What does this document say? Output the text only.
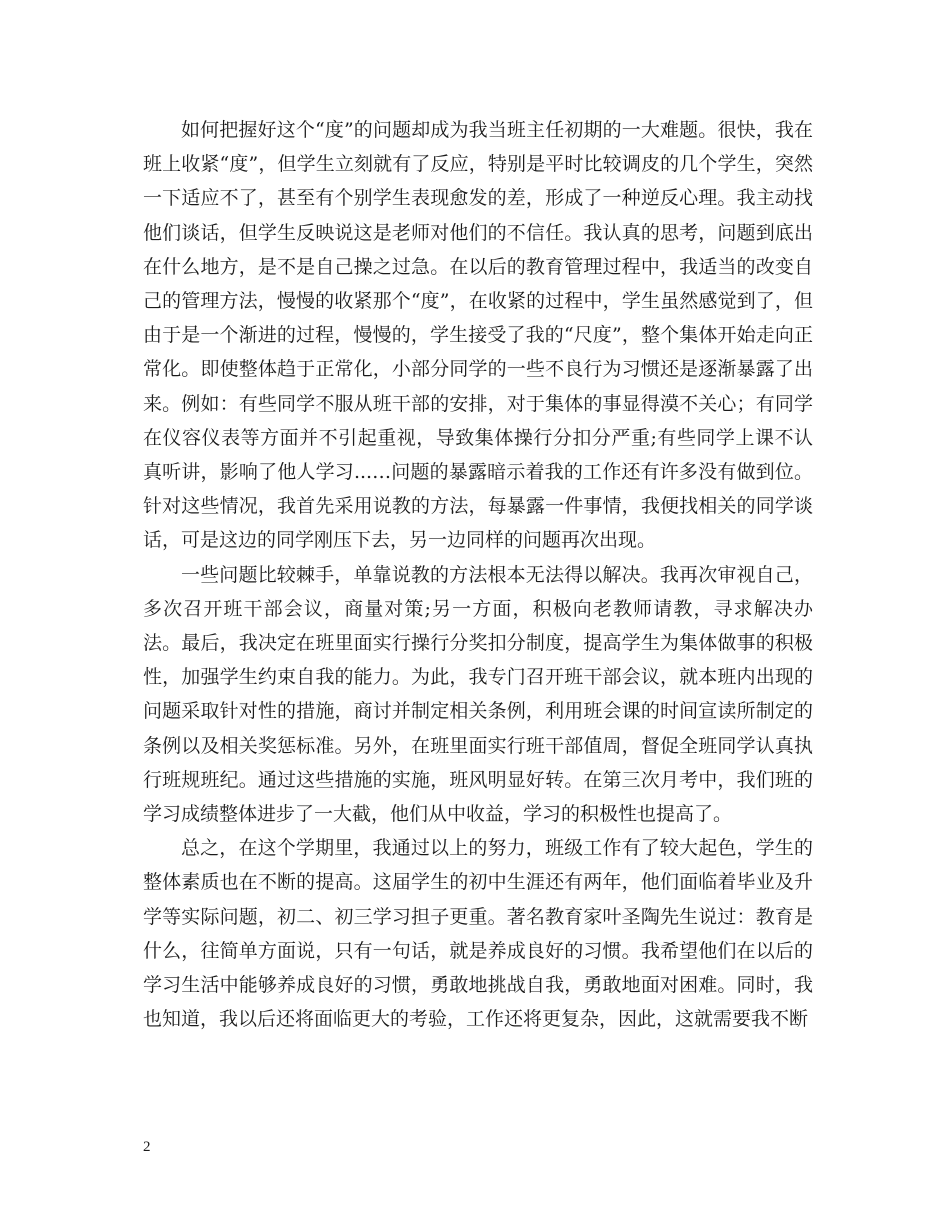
如何把握好这个“度”的问题却成为我当班主任初期的一大难题。很快，我在班上收紧“度”，但学生立刻就有了反应，特别是平时比较调皮的几个学生，突然一下适应不了，甚至有个别学生表现愈发的差，形成了一种逆反心理。我主动找他们谈话，但学生反映说这是老师对他们的不信任。我认真的思考，问题到底出在什么地方，是不是自己操之过急。在以后的教育管理过程中，我适当的改变自己的管理方法，慢慢的收紧那个“度”，在收紧的过程中，学生虽然感觉到了，但由于是一个渐进的过程，慢慢的，学生接受了我的“尺度”，整个集体开始走向正常化。即使整体趋于正常化，小部分同学的一些不良行为习惯还是逐渐暴露了出来。例如：有些同学不服从班干部的安排，对于集体的事显得漠不关心；有同学在仪容仪表等方面并不引起重视，导致集体操行分扣分严重;有些同学上课不认真听讲，影响了他人学习...…问题的暴露暗示着我的工作还有许多没有做到位。针对这些情况，我首先采用说教的方法，每暴露一件事情，我便找相关的同学谈话，可是这边的同学刚压下去，另一边同样的问题再次出现。

一些问题比较棘手，单靠说教的方法根本无法得以解决。我再次审视自己，多次召开班干部会议，商量对策;另一方面，积极向老教师请教，寻求解决办法。最后，我决定在班里面实行操行分奖扣分制度，提高学生为集体做事的积极性，加强学生约束自我的能力。为此，我专门召开班干部会议，就本班内出现的问题采取针对性的措施，商讨并制定相关条例，利用班会课的时间宣读所制定的条例以及相关奖惩标准。另外，在班里面实行班干部值周，督促全班同学认真执行班规班纪。通过这些措施的实施，班风明显好转。在第三次月考中，我们班的学习成绩整体进步了一大截，他们从中收益，学习的积极性也提高了。

总之，在这个学期里，我通过以上的努力，班级工作有了较大起色，学生的整体素质也在不断的提高。这届学生的初中生涯还有两年，他们面临着毕业及升学等实际问题，初二、初三学习担子更重。著名教育家叶圣陶先生说过：教育是什么，往简单方面说，只有一句话，就是养成良好的习惯。我希望他们在以后的学习生活中能够养成良好的习惯，勇敢地挑战自我，勇敢地面对困难。同时，我也知道，我以后还将面临更大的考验，工作还将更复杂，因此，这就需要我不断

2
